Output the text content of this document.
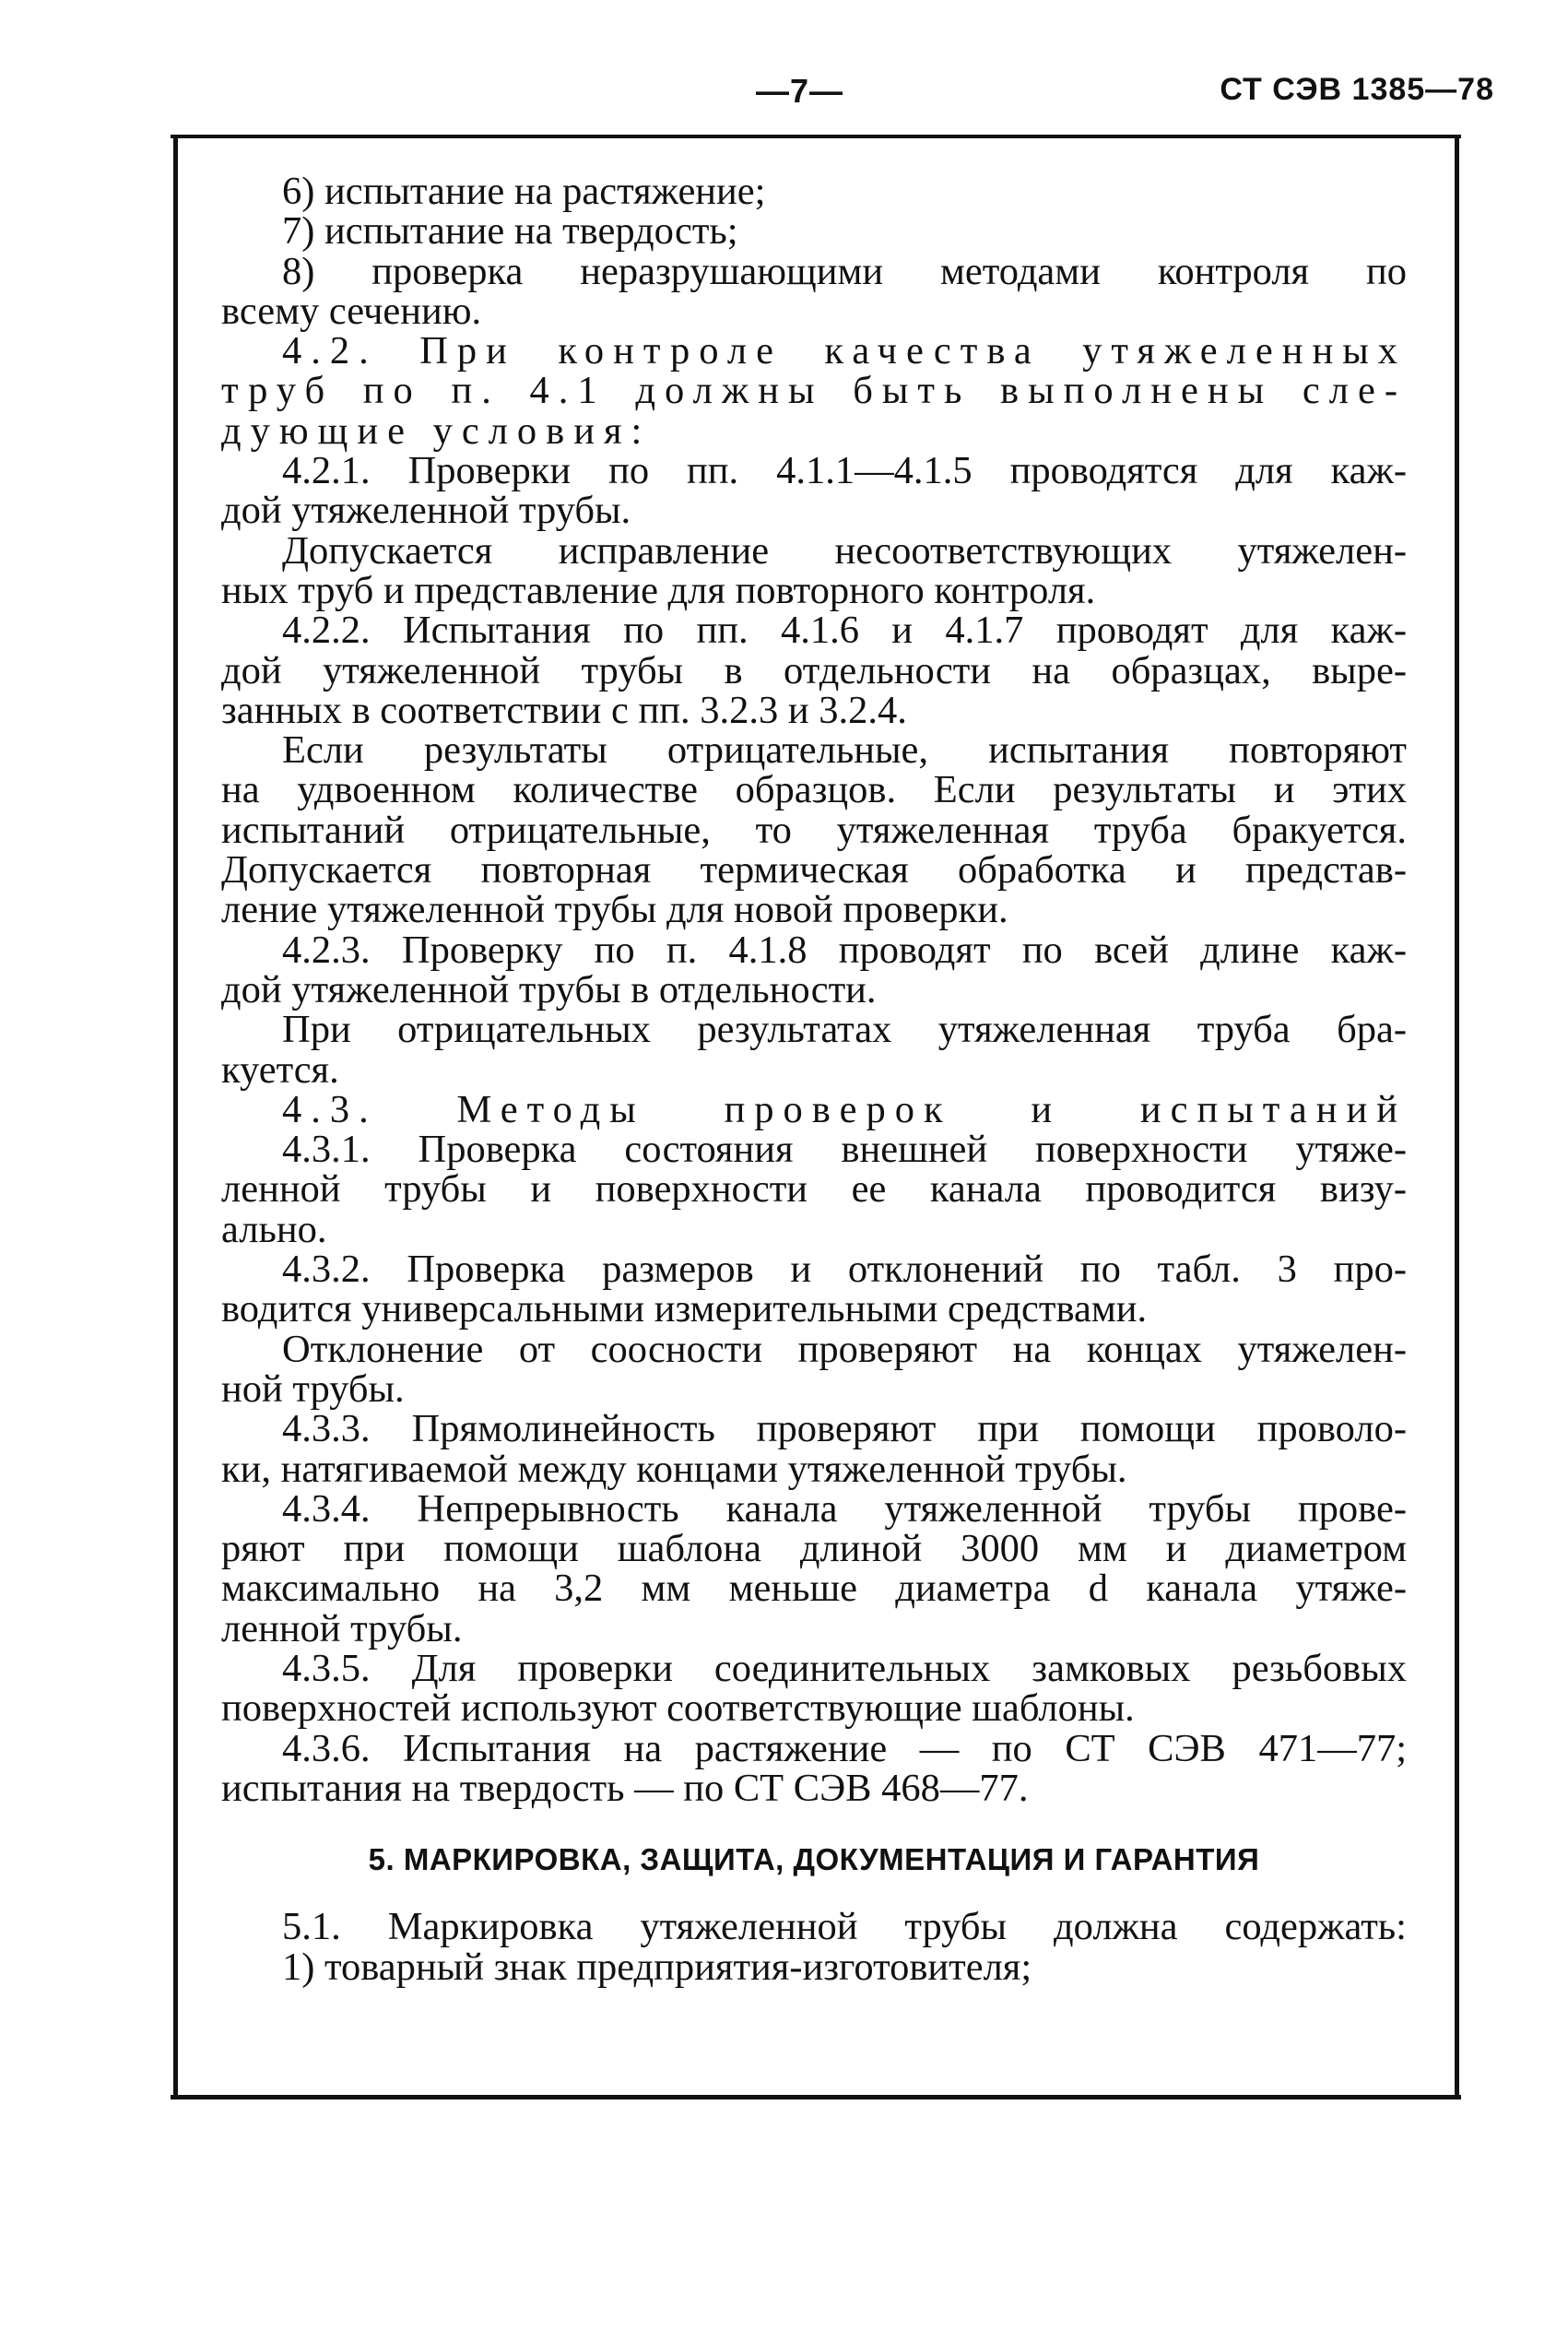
—7—	СТ СЭВ 1385—78
6) испытание на растяжение;
7) испытание на твердость;
8) проверка неразрушающими методами контроля по
всему сечению.
4.2. При контроле качества утяжеленных
труб по п. 4.1 должны быть выполнены сле-
дующие условия:
4.2.1. Проверки по пп. 4.1.1—4.1.5 проводятся для каж-
дой утяжеленной трубы.
Допускается исправление несоответствующих утяжелен-
ных труб и представление для повторного контроля.
4.2.2. Испытания по пп. 4.1.6 и 4.1.7 проводят для каж-
дой утяжеленной трубы в отдельности на образцах, выре-
занных в соответствии с пп. 3.2.3 и 3.2.4.
Если результаты отрицательные, испытания повторяют
на удвоенном количестве образцов. Если результаты и этих
испытаний отрицательные, то утяжеленная труба бракуется.
Допускается повторная термическая обработка и представ-
ление утяжеленной трубы для новой проверки.
4.2.3. Проверку по п. 4.1.8 проводят по всей длине каж-
дой утяжеленной трубы в отдельности.
При отрицательных результатах утяжеленная труба бра-
куется.
4.3. Методы проверок и испытаний
4.3.1. Проверка состояния внешней поверхности утяже-
ленной трубы и поверхности ее канала проводится визу-
ально.
4.3.2. Проверка размеров и отклонений по табл. 3 про-
водится универсальными измерительными средствами.
Отклонение от соосности проверяют на концах утяжелен-
ной трубы.
4.3.3. Прямолинейность проверяют при помощи проволо-
ки, натягиваемой между концами утяжеленной трубы.
4.3.4. Непрерывность канала утяжеленной трубы прове-
ряют при помощи шаблона длиной 3000 мм и диаметром
максимально на 3,2 мм меньше диаметра d канала утяже-
ленной трубы.
4.3.5. Для проверки соединительных замковых резьбовых
поверхностей используют соответствующие шаблоны.
4.3.6. Испытания на растяжение — по СТ СЭВ 471—77;
испытания на твердость — по СТ СЭВ 468—77.
5. МАРКИРОВКА, ЗАЩИТА, ДОКУМЕНТАЦИЯ И ГАРАНТИЯ
5.1. Маркировка утяжеленной трубы должна содержать:
1) товарный знак предприятия-изготовителя;
